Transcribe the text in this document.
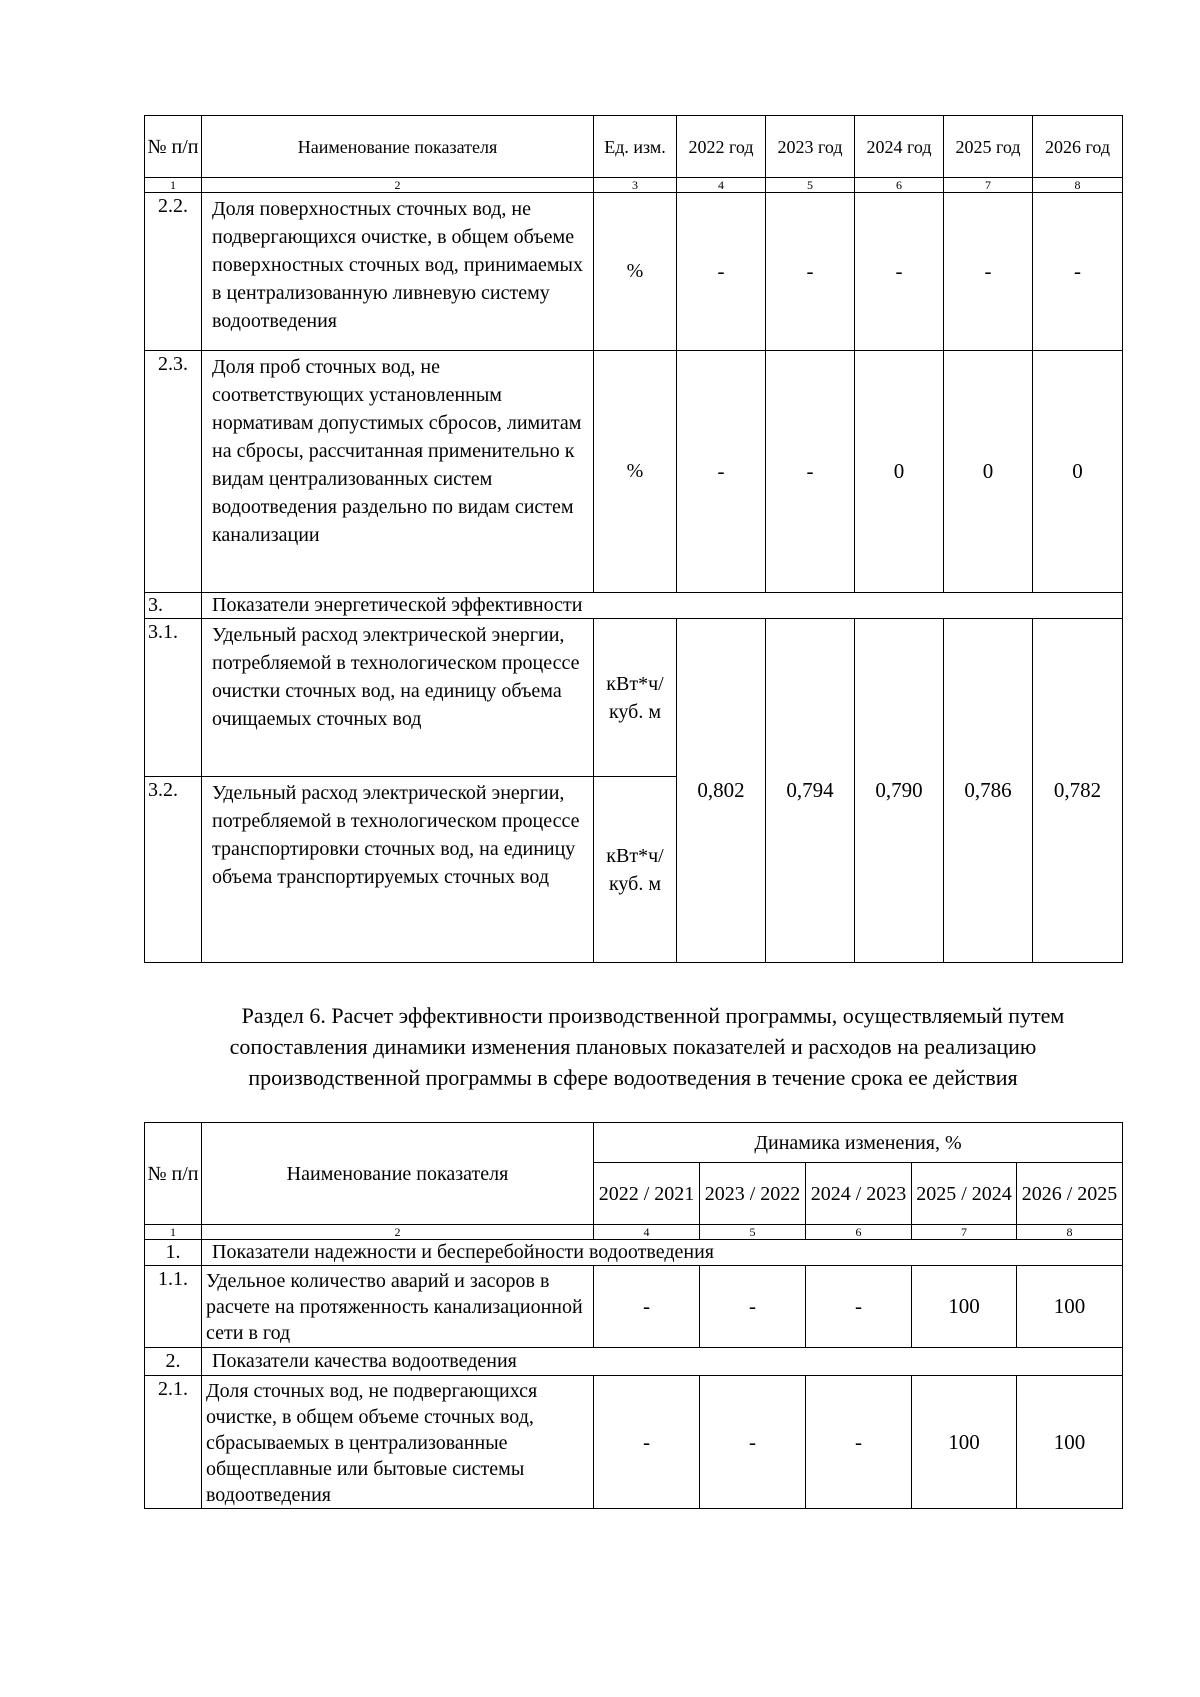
№ п/п	Наименование показателя	Ед. изм.	2022 год	2023 год	2024 год	2025 год	2026 год
1	2	3	4	5	6	7	8
2.2.	Доля поверхностных сточных вод, не подвергающихся очистке, в общем объеме поверхностных сточных вод, принимаемых в централизованную ливневую систему водоотведения	%	-	-	-	-	-
2.3.	Доля проб сточных вод, не соответствующих установленным нормативам допустимых сбросов, лимитам на сбросы, рассчитанная применительно к видам централизованных систем водоотведения раздельно по видам систем канализации	%	-	-	0	0	0
3.	Показатели энергетической эффективности						
3.1.	Удельный расход электрической энергии, потребляемой в технологическом процессе очистки сточных вод, на единицу объема очищаемых сточных вод	кВт*ч/ куб. м	0,802	0,794	0,790	0,786	0,782
3.2.	Удельный расход электрической энергии, потребляемой в технологическом процессе транспортировки сточных вод, на единицу объема транспортируемых сточных вод	кВт*ч/ куб. м					
Раздел 6. Расчет эффективности производственной программы, осуществляемый путем
сопоставления динамики изменения плановых показателей и расходов на реализацию
производственной программы в сфере водоотведения в течение срока ее действия
№ п/п	Наименование показателя	Динамика изменения, %				
		2022 / 2021	2023 / 2022	2024 / 2023	2025 / 2024	2026 / 2025
1	2	4	5	6	7	8
1.	Показатели надежности и бесперебойности водоотведения					
1.1.	Удельное количество аварий и засоров в расчете на протяженность канализационной сети в год	-	-	-	100	100
2.	Показатели качества водоотведения					
2.1.	Доля сточных вод, не подвергающихся очистке, в общем объеме сточных вод, сбрасываемых в централизованные общесплавные или бытовые системы водоотведения	-	-	-	100	100
